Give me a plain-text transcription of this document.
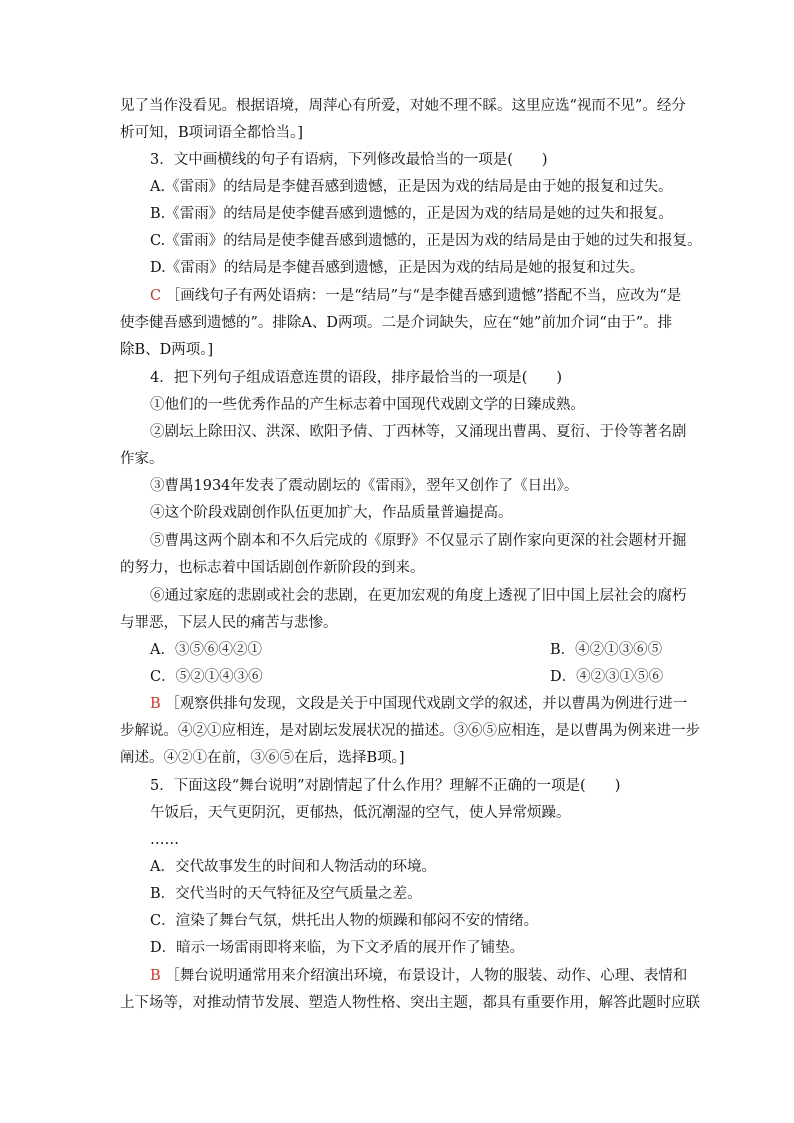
见了当作没看见。根据语境，周萍心有所爱，对她不理不睬。这里应选“视而不见”。经分
析可知，B项词语全都恰当。]
3．文中画横线的句子有语病，下列修改最恰当的一项是(　　)
A.《雷雨》的结局是李健吾感到遗憾，正是因为戏的结局是由于她的报复和过失。
B.《雷雨》的结局是使李健吾感到遗憾的，正是因为戏的结局是她的过失和报复。
C.《雷雨》的结局是使李健吾感到遗憾的，正是因为戏的结局是由于她的过失和报复。
D.《雷雨》的结局是李健吾感到遗憾，正是因为戏的结局是她的报复和过失。
C ［画线句子有两处语病：一是“结局”与“是李健吾感到遗憾”搭配不当，应改为“是
使李健吾感到遗憾的”。排除A、D两项。二是介词缺失，应在“她”前加介词“由于”。排
除B、D两项。]
4．把下列句子组成语意连贯的语段，排序最恰当的一项是(　　)
①他们的一些优秀作品的产生标志着中国现代戏剧文学的日臻成熟。
②剧坛上除田汉、洪深、欧阳予倩、丁西林等，又涌现出曹禺、夏衍、于伶等著名剧
作家。
③曹禺1934年发表了震动剧坛的《雷雨》，翌年又创作了《日出》。
④这个阶段戏剧创作队伍更加扩大，作品质量普遍提高。
⑤曹禺这两个剧本和不久后完成的《原野》不仅显示了剧作家向更深的社会题材开掘
的努力，也标志着中国话剧创作新阶段的到来。
⑥通过家庭的悲剧或社会的悲剧，在更加宏观的角度上透视了旧中国上层社会的腐朽
与罪恶，下层人民的痛苦与悲惨。
A．③⑤⑥④②①	B．④②①③⑥⑤
C．⑤②①④③⑥	D．④②③①⑤⑥
B ［观察供排句发现，文段是关于中国现代戏剧文学的叙述，并以曹禺为例进行进一
步解说。④②①应相连，是对剧坛发展状况的描述。③⑥⑤应相连，是以曹禺为例来进一步
阐述。④②①在前，③⑥⑤在后，选择B项。]
5．下面这段“舞台说明”对剧情起了什么作用？理解不正确的一项是(　　)
午饭后，天气更阴沉，更郁热，低沉潮湿的空气，使人异常烦躁。
……
A．交代故事发生的时间和人物活动的环境。
B．交代当时的天气特征及空气质量之差。
C．渲染了舞台气氛，烘托出人物的烦躁和郁闷不安的情绪。
D．暗示一场雷雨即将来临，为下文矛盾的展开作了铺垫。
B ［舞台说明通常用来介绍演出环境，布景设计，人物的服装、动作、心理、表情和
上下场等，对推动情节发展、塑造人物性格、突出主题，都具有重要作用，解答此题时应联
